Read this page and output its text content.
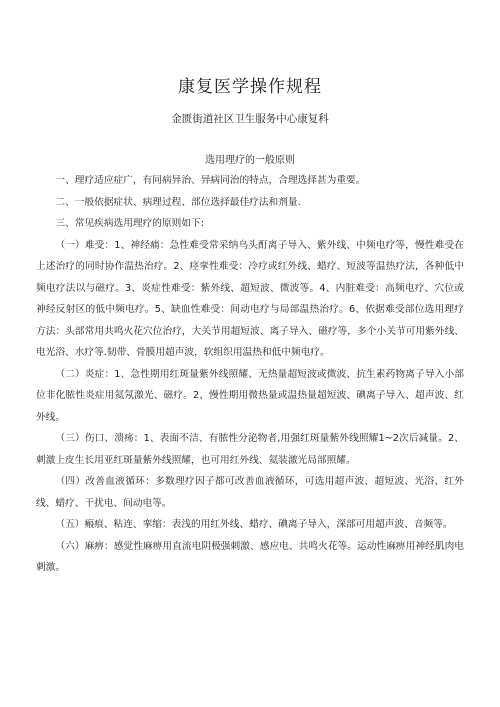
康复医学操作规程
金匮街道社区卫生服务中心康复科
选用理疗的一般原则

一、理疗适应症广，有同病异治、异病同治的特点，合理选择甚为重要。

二、一般依据症状、病理过程、部位选择最佳疗法和剂量.

三、常见疾病选用理疗的原则如下:

（一）难受：1、神经痛：急性难受常采纳乌头酊离子导入、紫外线、中频电疗等，慢性难受在上述治疗的同时协作温热治疗。2、痉挛性难受：冷疗或红外线、蜡疗、短波等温热疗法，各种低中频电疗法以与磁疗。3、炎症性难受：紫外线、超短波、微波等。4、内脏难受：高频电疗、穴位或神经反射区的低中频电疗。5、缺血性难受：间动电疗与局部温热治疗。6、依据难受部位选用理疗方法：头部常用共鸣火花穴位治疗，大关节用超短波、离子导入、磁疗等，多个小关节可用紫外线、电光浴、水疗等.韧带、骨膜用超声波，软组织用温热和低中频电疗。

（二）炎症：1、急性期用红斑量紫外线照耀、无热量超短波或微波、抗生素药物离子导入小部位非化脓性炎症用氦氖激光、磁疗。2、慢性期用微热量或温热量超短波、碘离子导入、超声波、红外线。

（三）伤口、溃疡：1、表面不洁、有脓性分泌物者,用强红斑量紫外线照耀1~2次后减量。2、刺激上皮生长用亚红斑量紫外线照耀，也可用红外线、氦装激光局部照耀。

（四）改善血液循环：多数理疗因子都可改善血液循环，可选用超声波、超短波、光浴、红外线、蜡疗、干扰电、间动电等。

（五）瘢痕、粘连、挛缩：表浅的用红外线、蜡疗、碘离子导入，深部可用超声波、音频等。

（六）麻痹：感觉性麻痹用直流电阴极强刺激、感应电、共鸣火花等。运动性麻痹用神经肌肉电刺激。
